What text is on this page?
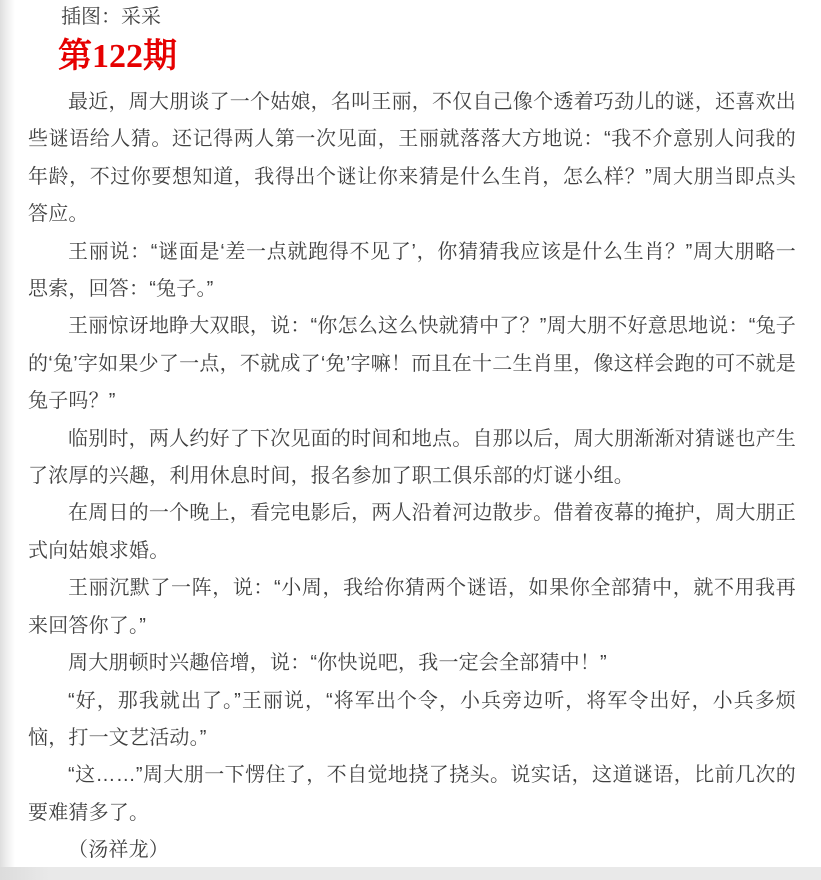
插图：采采

第122期

最近，周大朋谈了一个姑娘，名叫王丽，不仅自己像个透着巧劲儿的谜，还喜欢出些谜语给人猜。还记得两人第一次见面，王丽就落落大方地说：“我不介意别人问我的年龄，不过你要想知道，我得出个谜让你来猜是什么生肖，怎么样？”周大朋当即点头答应。

王丽说：“谜面是‘差一点就跑得不见了’，你猜猜我应该是什么生肖？”周大朋略一思索，回答：“兔子。”

王丽惊讶地睁大双眼，说：“你怎么这么快就猜中了？”周大朋不好意思地说：“兔子的‘兔’字如果少了一点，不就成了‘免’字嘛！而且在十二生肖里，像这样会跑的可不就是兔子吗？”

临别时，两人约好了下次见面的时间和地点。自那以后，周大朋渐渐对猜谜也产生了浓厚的兴趣，利用休息时间，报名参加了职工俱乐部的灯谜小组。

在周日的一个晚上，看完电影后，两人沿着河边散步。借着夜幕的掩护，周大朋正式向姑娘求婚。

王丽沉默了一阵，说：“小周，我给你猜两个谜语，如果你全部猜中，就不用我再来回答你了。”

周大朋顿时兴趣倍增，说：“你快说吧，我一定会全部猜中！”

“好，那我就出了。”王丽说，“将军出个令，小兵旁边听，将军令出好，小兵多烦恼，打一文艺活动。”

“这……”周大朋一下愣住了，不自觉地挠了挠头。说实话，这道谜语，比前几次的要难猜多了。

（汤祥龙）
